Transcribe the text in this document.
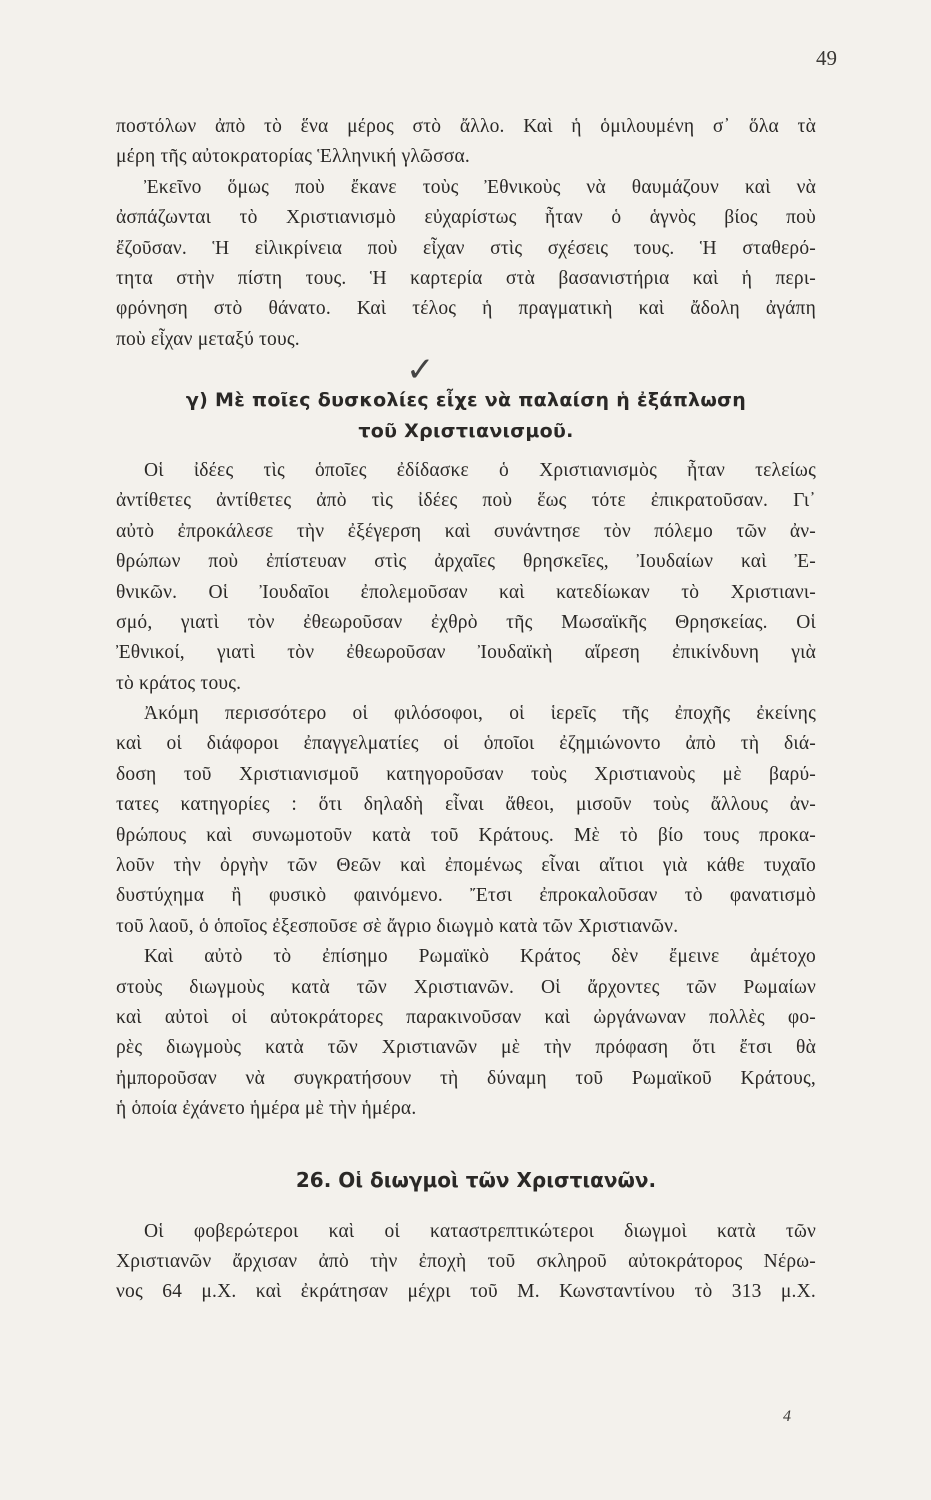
49
ποστόλων ἀπὸ τὸ ἕνα μέρος στὸ ἄλλο. Καὶ ἡ ὁμιλουμένη σ᾽ ὅλα τὰ
μέρη τῆς αὐτοκρατορίας Ἑλληνική γλῶσσα.
Ἐκεῖνο ὅμως ποὺ ἔκανε τοὺς Ἐθνικοὺς νὰ θαυμάζουν καὶ νὰ
ἀσπάζωνται τὸ Χριστιανισμὸ εὐχαρίστως ἦταν ὁ ἁγνὸς βίος ποὺ
ἔζοῦσαν. Ἡ εἰλικρίνεια ποὺ εἶχαν στὶς σχέσεις τους. Ἡ σταθερό-
τητα στὴν πίστη τους. Ἡ καρτερία στὰ βασανιστήρια καὶ ἡ περι-
φρόνηση στὸ θάνατο. Καὶ τέλος ἡ πραγματικὴ καὶ ἄδολη ἀγάπη
ποὺ εἶχαν μεταξύ τους.
✓
γ) Μὲ ποῖες δυσκολίες εἶχε νὰ παλαίση ἡ ἐξάπλωση
τοῦ Χριστιανισμοῦ.
Οἱ ἰδέες τὶς ὁποῖες ἐδίδασκε ὁ Χριστιανισμὸς ἦταν τελείως
ἀντίθετες ἀντίθετες ἀπὸ τὶς ἰδέες ποὺ ἕως τότε ἐπικρατοῦσαν. Γι᾽
αὐτὸ ἐπροκάλεσε τὴν ἐξέγερση καὶ συνάντησε τὸν πόλεμο τῶν ἀν-
θρώπων ποὺ ἐπίστευαν στὶς ἀρχαῖες θρησκεῖες, Ἰουδαίων καὶ Ἐ-
θνικῶν. Οἱ Ἰουδαῖοι ἐπολεμοῦσαν καὶ κατεδίωκαν τὸ Χριστιανι-
σμό, γιατὶ τὸν ἐθεωροῦσαν ἐχθρὸ τῆς Μωσαϊκῆς Θρησκείας. Οἱ
Ἐθνικοί, γιατὶ τὸν ἐθεωροῦσαν Ἰουδαϊκὴ αἵρεση ἐπικίνδυνη γιὰ
τὸ κράτος τους.
Ἀκόμη περισσότερο οἱ φιλόσοφοι, οἱ ἱερεῖς τῆς ἐποχῆς ἐκείνης
καὶ οἱ διάφοροι ἐπαγγελματίες οἱ ὁποῖοι ἐζημιώνοντο ἀπὸ τὴ διά-
δοση τοῦ Χριστιανισμοῦ κατηγοροῦσαν τοὺς Χριστιανοὺς μὲ βαρύ-
τατες κατηγορίες : ὅτι δηλαδὴ εἶναι ἄθεοι, μισοῦν τοὺς ἄλλους ἀν-
θρώπους καὶ συνωμοτοῦν κατὰ τοῦ Κράτους. Μὲ τὸ βίο τους προκα-
λοῦν τὴν ὀργὴν τῶν Θεῶν καὶ ἐπομένως εἶναι αἴτιοι γιὰ κάθε τυχαῖο
δυστύχημα ἢ φυσικὸ φαινόμενο. Ἔτσι ἐπροκαλοῦσαν τὸ φανατισμὸ
τοῦ λαοῦ, ὁ ὁποῖος ἐξεσποῦσε σὲ ἄγριο διωγμὸ κατὰ τῶν Χριστιανῶν.
Καὶ αὐτὸ τὸ ἐπίσημο Ρωμαϊκὸ Κράτος δὲν ἔμεινε ἀμέτοχο
στοὺς διωγμοὺς κατὰ τῶν Χριστιανῶν. Οἱ ἄρχοντες τῶν Ρωμαίων
καὶ αὐτοὶ οἱ αὐτοκράτορες παρακινοῦσαν καὶ ὠργάνωναν πολλὲς φο-
ρὲς διωγμοὺς κατὰ τῶν Χριστιανῶν μὲ τὴν πρόφαση ὅτι ἔτσι θὰ
ἠμποροῦσαν νὰ συγκρατήσουν τὴ δύναμη τοῦ Ρωμαϊκοῦ Κράτους,
ἡ ὁποία ἐχάνετο ἡμέρα μὲ τὴν ἡμέρα.
26. Οἱ διωγμοὶ τῶν Χριστιανῶν.
Οἱ φοβερώτεροι καὶ οἱ καταστρεπτικώτεροι διωγμοὶ κατὰ τῶν
Χριστιανῶν ἄρχισαν ἀπὸ τὴν ἐποχὴ τοῦ σκληροῦ αὐτοκράτορος Νέρω-
νος 64 μ.Χ. καὶ ἐκράτησαν μέχρι τοῦ Μ. Κωνσταντίνου τὸ 313 μ.Χ.
4
